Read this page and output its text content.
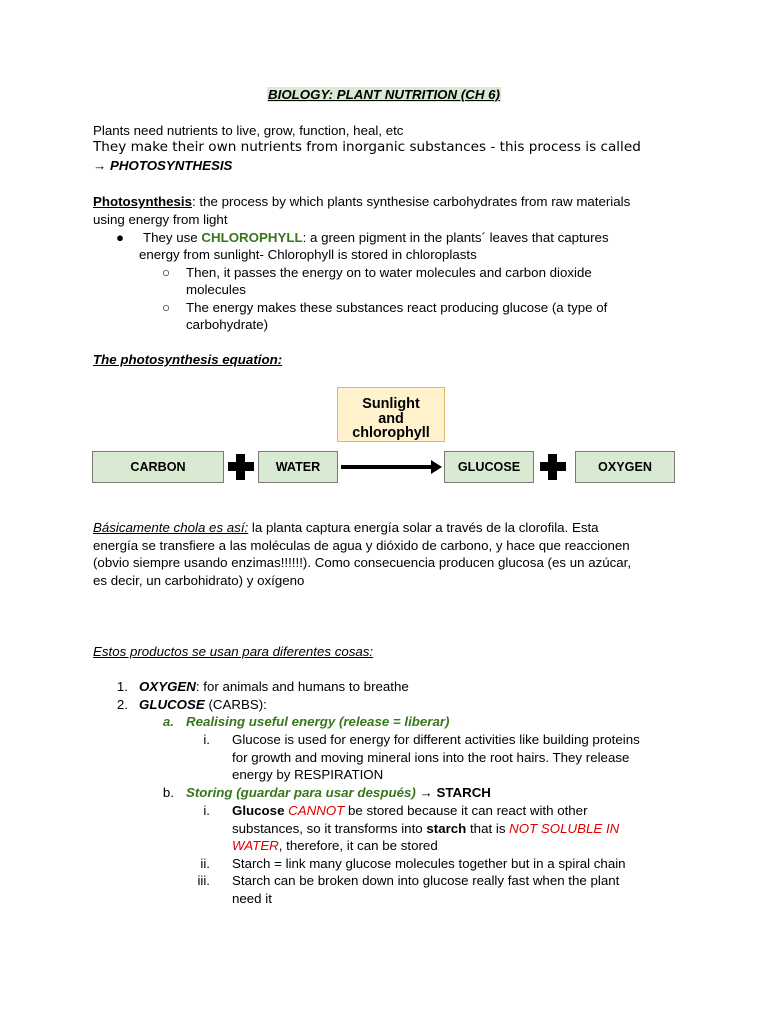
BIOLOGY: PLANT NUTRITION (CH 6)
Plants need nutrients to live, grow, function, heal, etc
They make their own nutrients from inorganic substances - this process is called
→ PHOTOSYNTHESIS
Photosynthesis: the process by which plants synthesise carbohydrates from raw materials
using energy from light
● They use CHLOROPHYLL: a green pigment in the plants´ leaves that captures
energy from sunlight- Chlorophyll is stored in chloroplasts
○ Then, it passes the energy on to water molecules and carbon dioxide
molecules
○ The energy makes these substances react producing glucose (a type of
carbohydrate)
The photosynthesis equation:
Sunlight
and
chlorophyll
CARBON	WATER	GLUCOSE	OXYGEN
Básicamente chola es así: la planta captura energía solar a través de la clorofila. Esta
energía se transfiere a las moléculas de agua y dióxido de carbono, y hace que reaccionen
(obvio siempre usando enzimas!!!!!!). Como consecuencia producen glucosa (es un azúcar,
es decir, un carbohidrato) y oxígeno
Estos productos se usan para diferentes cosas:
1. OXYGEN: for animals and humans to breathe
2. GLUCOSE (CARBS):
a. Realising useful energy (release = liberar)
i. Glucose is used for energy for different activities like building proteins
for growth and moving mineral ions into the root hairs. They release
energy by RESPIRATION
b. Storing (guardar para usar después) → STARCH
i. Glucose CANNOT be stored because it can react with other
substances, so it transforms into starch that is NOT SOLUBLE IN
WATER, therefore, it can be stored
ii. Starch = link many glucose molecules together but in a spiral chain
iii. Starch can be broken down into glucose really fast when the plant
need it
